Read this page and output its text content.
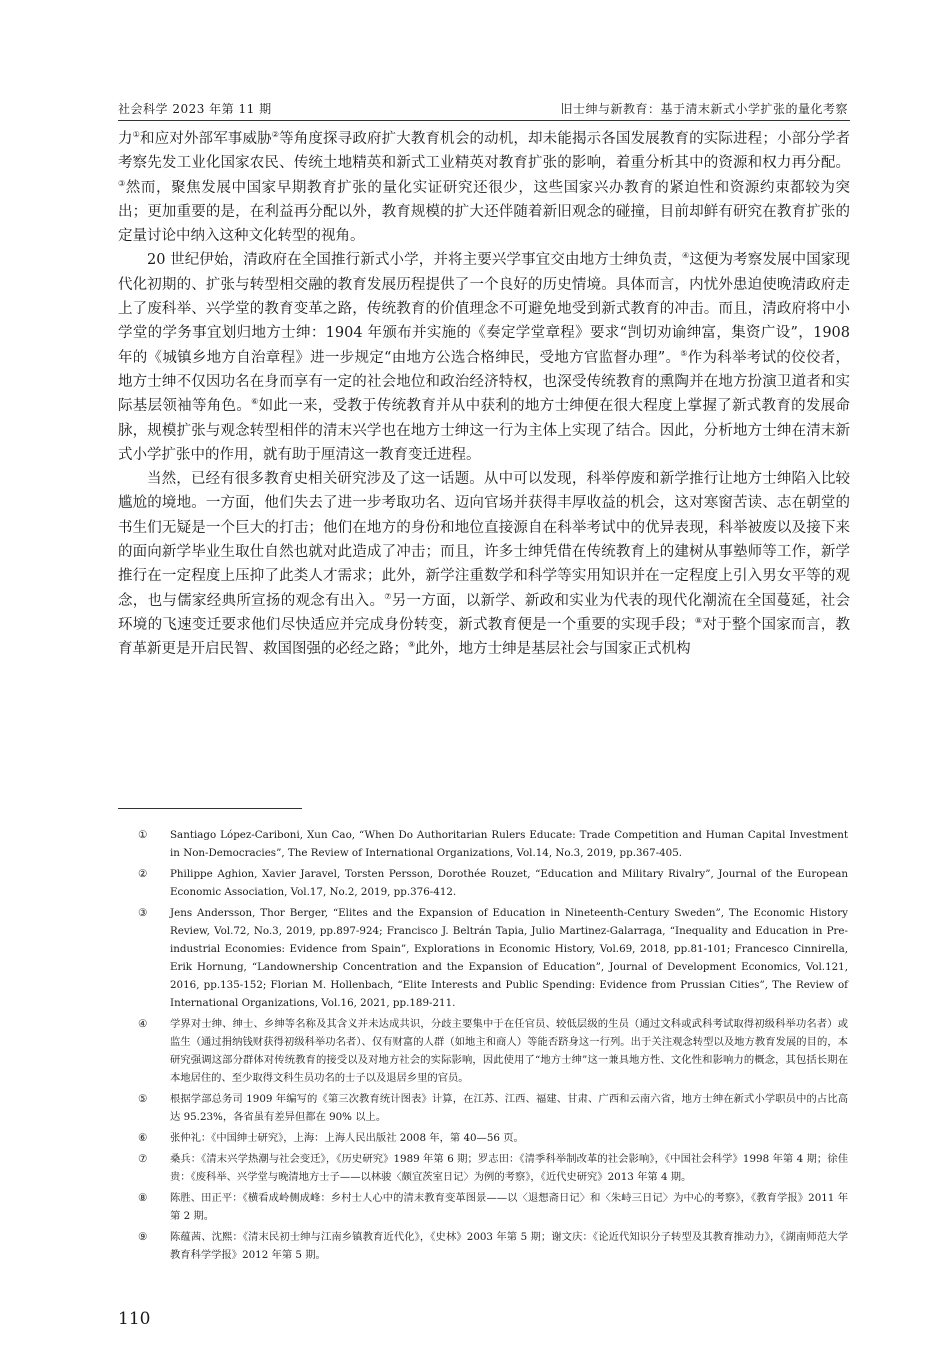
社会科学 2023 年第 11 期	旧士绅与新教育：基于清末新式小学扩张的量化考察

力①和应对外部军事威胁②等角度探寻政府扩大教育机会的动机，却未能揭示各国发展教育的实际进程；小部分学者考察先发工业化国家农民、传统土地精英和新式工业精英对教育扩张的影响，着重分析其中的资源和权力再分配。③然而，聚焦发展中国家早期教育扩张的量化实证研究还很少，这些国家兴办教育的紧迫性和资源约束都较为突出；更加重要的是，在利益再分配以外，教育规模的扩大还伴随着新旧观念的碰撞，目前却鲜有研究在教育扩张的定量讨论中纳入这种文化转型的视角。

20 世纪伊始，清政府在全国推行新式小学，并将主要兴学事宜交由地方士绅负责，④这便为考察发展中国家现代化初期的、扩张与转型相交融的教育发展历程提供了一个良好的历史情境。具体而言，内忧外患迫使晚清政府走上了废科举、兴学堂的教育变革之路，传统教育的价值理念不可避免地受到新式教育的冲击。而且，清政府将中小学堂的学务事宜划归地方士绅：1904 年颁布并实施的《奏定学堂章程》要求“剀切劝谕绅富，集资广设”，1908 年的《城镇乡地方自治章程》进一步规定“由地方公选合格绅民，受地方官监督办理”。⑤作为科举考试的佼佼者，地方士绅不仅因功名在身而享有一定的社会地位和政治经济特权，也深受传统教育的熏陶并在地方扮演卫道者和实际基层领袖等角色。⑥如此一来，受教于传统教育并从中获利的地方士绅便在很大程度上掌握了新式教育的发展命脉，规模扩张与观念转型相伴的清末兴学也在地方士绅这一行为主体上实现了结合。因此，分析地方士绅在清末新式小学扩张中的作用，就有助于厘清这一教育变迁进程。

当然，已经有很多教育史相关研究涉及了这一话题。从中可以发现，科举停废和新学推行让地方士绅陷入比较尴尬的境地。一方面，他们失去了进一步考取功名、迈向官场并获得丰厚收益的机会，这对寒窗苦读、志在朝堂的书生们无疑是一个巨大的打击；他们在地方的身份和地位直接源自在科举考试中的优异表现，科举被废以及接下来的面向新学毕业生取仕自然也就对此造成了冲击；而且，许多士绅凭借在传统教育上的建树从事塾师等工作，新学推行在一定程度上压抑了此类人才需求；此外，新学注重数学和科学等实用知识并在一定程度上引入男女平等的观念，也与儒家经典所宣扬的观念有出入。⑦另一方面，以新学、新政和实业为代表的现代化潮流在全国蔓延，社会环境的飞速变迁要求他们尽快适应并完成身份转变，新式教育便是一个重要的实现手段；⑧对于整个国家而言，教育革新更是开启民智、救国图强的必经之路；⑨此外，地方士绅是基层社会与国家正式机构

①	Santiago López-Cariboni, Xun Cao, “When Do Authoritarian Rulers Educate: Trade Competition and Human Capital Investment in Non-Democracies”, The Review of International Organizations, Vol.14, No.3, 2019, pp.367-405.
②	Philippe Aghion, Xavier Jaravel, Torsten Persson, Dorothée Rouzet, “Education and Military Rivalry”, Journal of the European Economic Association, Vol.17, No.2, 2019, pp.376-412.
③	Jens Andersson, Thor Berger, “Elites and the Expansion of Education in Nineteenth-Century Sweden”, The Economic History Review, Vol.72, No.3, 2019, pp.897-924; Francisco J. Beltrán Tapia, Julio Martinez-Galarraga, “Inequality and Education in Pre-industrial Economies: Evidence from Spain”, Explorations in Economic History, Vol.69, 2018, pp.81-101; Francesco Cinnirella, Erik Hornung, “Landownership Concentration and the Expansion of Education”, Journal of Development Economics, Vol.121, 2016, pp.135-152; Florian M. Hollenbach, “Elite Interests and Public Spending: Evidence from Prussian Cities”, The Review of International Organizations, Vol.16, 2021, pp.189-211.
④	学界对士绅、绅士、乡绅等名称及其含义并未达成共识，分歧主要集中于在任官员、较低层级的生员（通过文科或武科考试取得初级科举功名者）或监生（通过捐纳钱财获得初级科举功名者）、仅有财富的人群（如地主和商人）等能否跻身这一行列。出于关注观念转型以及地方教育发展的目的，本研究强调这部分群体对传统教育的接受以及对地方社会的实际影响，因此使用了“地方士绅”这一兼具地方性、文化性和影响力的概念，其包括长期在本地居住的、至少取得文科生员功名的士子以及退居乡里的官员。
⑤	根据学部总务司 1909 年编写的《第三次教育统计图表》计算，在江苏、江西、福建、甘肃、广西和云南六省，地方士绅在新式小学职员中的占比高达 95.23%，各省虽有差异但都在 90% 以上。
⑥	张仲礼：《中国绅士研究》，上海：上海人民出版社 2008 年，第 40—56 页。
⑦	桑兵：《清末兴学热潮与社会变迁》，《历史研究》1989 年第 6 期；罗志田：《清季科举制改革的社会影响》，《中国社会科学》1998 年第 4 期；徐佳贵：《废科举、兴学堂与晚清地方士子——以林骏〈颇宜茨室日记〉为例的考察》，《近代史研究》2013 年第 4 期。
⑧	陈胜、田正平：《横看成岭侧成峰：乡村士人心中的清末教育变革图景——以〈退想斋日记〉和〈朱峙三日记〉为中心的考察》，《教育学报》2011 年第 2 期。
⑨	陈蕴茜、沈熙：《清末民初士绅与江南乡镇教育近代化》，《史林》2003 年第 5 期；谢文庆：《论近代知识分子转型及其教育推动力》，《湖南师范大学教育科学学报》2012 年第 5 期。
110
